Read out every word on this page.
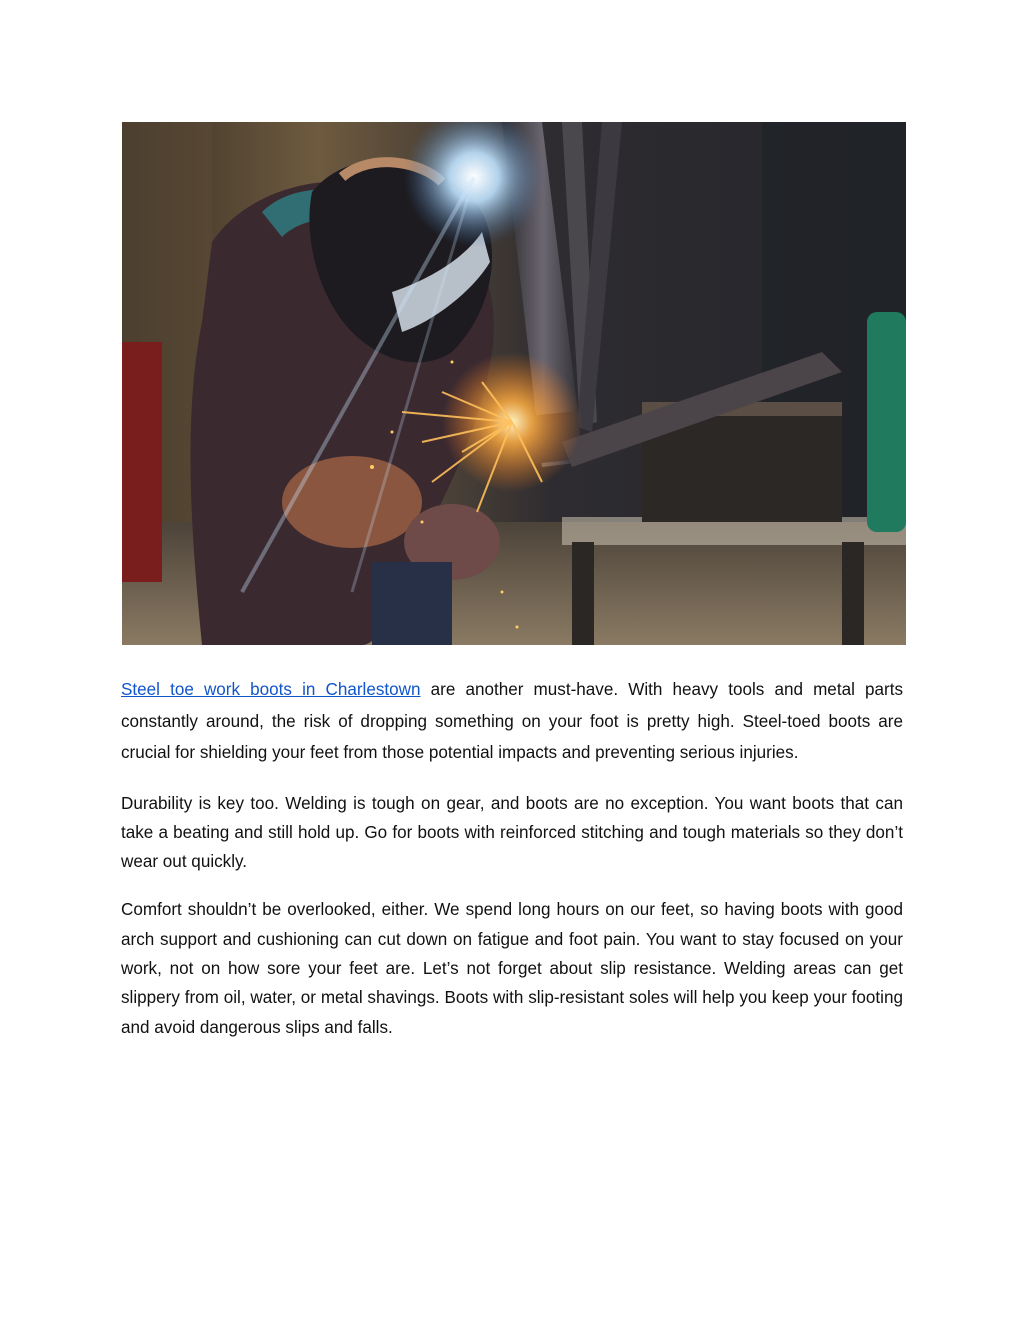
Steel toe work boots in Charlestown are another must-have. With heavy tools and metal parts constantly around, the risk of dropping something on your foot is pretty high. Steel-toed boots are crucial for shielding your feet from those potential impacts and preventing serious injuries.

Durability is key too. Welding is tough on gear, and boots are no exception. You want boots that can take a beating and still hold up. Go for boots with reinforced stitching and tough materials so they don’t wear out quickly.

Comfort shouldn’t be overlooked, either. We spend long hours on our feet, so having boots with good arch support and cushioning can cut down on fatigue and foot pain. You want to stay focused on your work, not on how sore your feet are. Let’s not forget about slip resistance. Welding areas can get slippery from oil, water, or metal shavings. Boots with slip-resistant soles will help you keep your footing and avoid dangerous slips and falls.
